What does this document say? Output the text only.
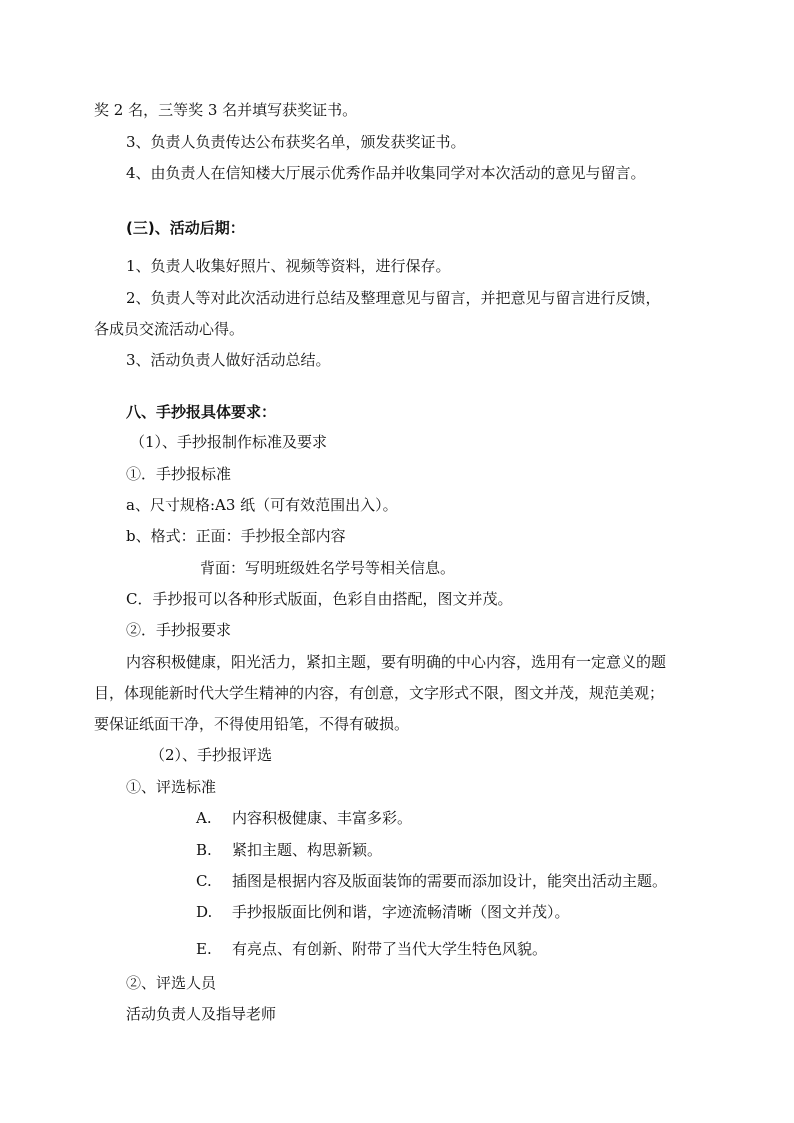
奖 2 名，三等奖 3 名并填写获奖证书。
3、负责人负责传达公布获奖名单，颁发获奖证书。
4、由负责人在信知楼大厅展示优秀作品并收集同学对本次活动的意见与留言。
(三)、活动后期：
1、负责人收集好照片、视频等资料，进行保存。
2、负责人等对此次活动进行总结及整理意见与留言，并把意见与留言进行反馈，
各成员交流活动心得。
3、活动负责人做好活动总结。
八、手抄报具体要求：
（1）、手抄报制作标准及要求
①．手抄报标准
a、尺寸规格:A3 纸（可有效范围出入）。
b、格式：正面：手抄报全部内容
背面：写明班级姓名学号等相关信息。
C．手抄报可以各种形式版面，色彩自由搭配，图文并茂。
②．手抄报要求
内容积极健康，阳光活力，紧扣主题，要有明确的中心内容，选用有一定意义的题
目，体现能新时代大学生精神的内容，有创意，文字形式不限，图文并茂，规范美观；
要保证纸面干净，不得使用铅笔，不得有破损。
（2）、手抄报评选
①、评选标准
A. 内容积极健康、丰富多彩。
B. 紧扣主题、构思新颖。
C. 插图是根据内容及版面装饰的需要而添加设计，能突出活动主题。
D. 手抄报版面比例和谐，字迹流畅清晰（图文并茂）。
E. 有亮点、有创新、附带了当代大学生特色风貌。
②、评选人员
活动负责人及指导老师
